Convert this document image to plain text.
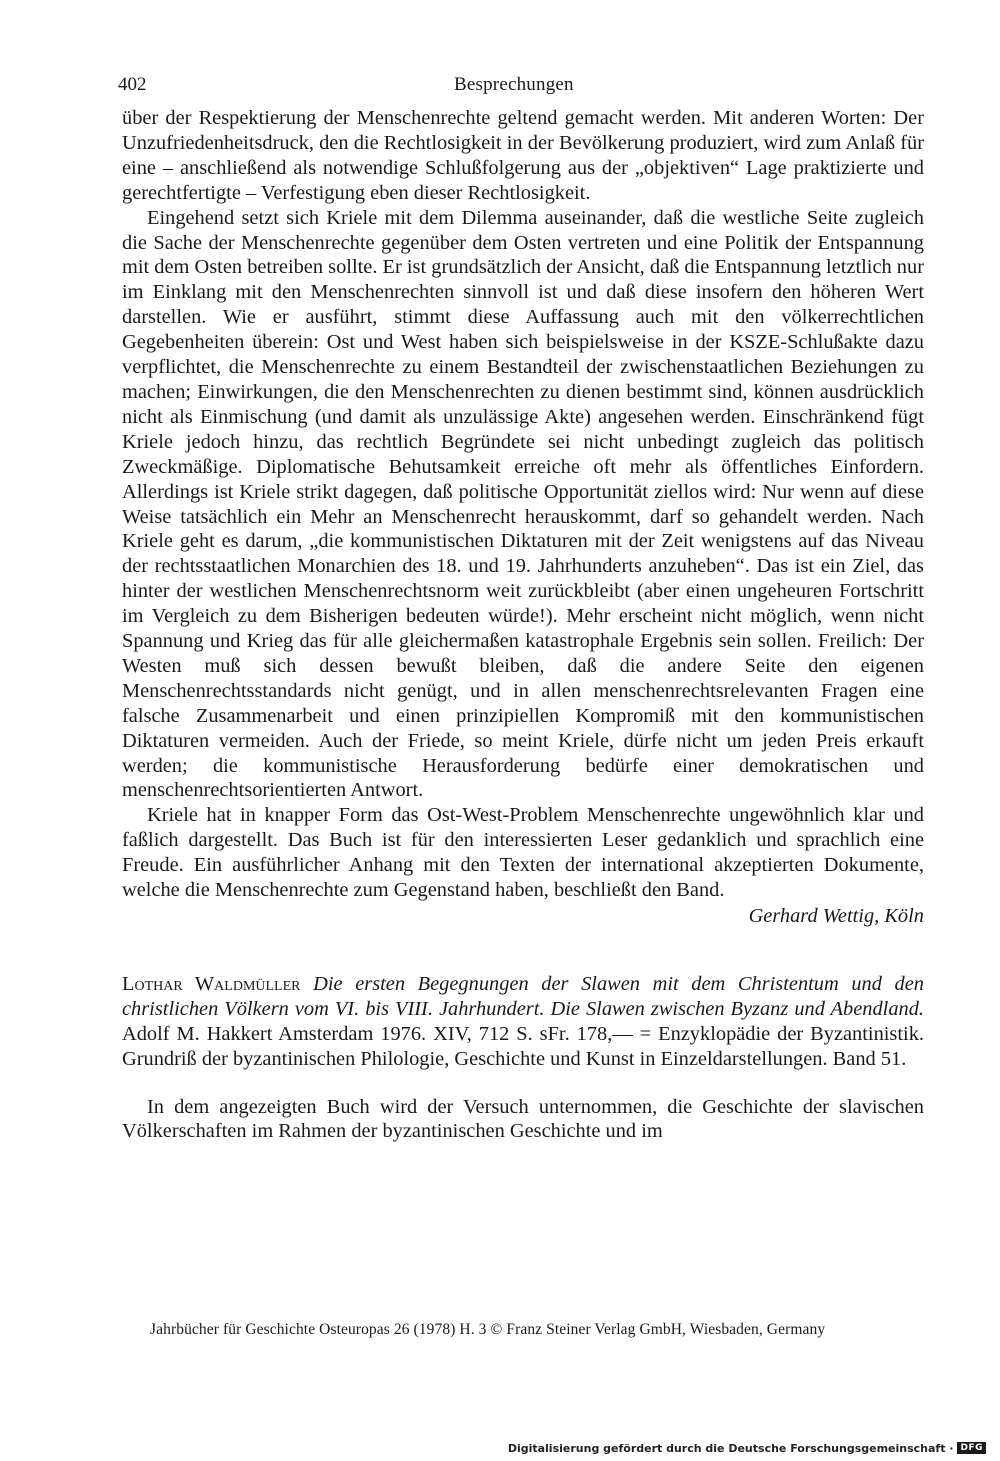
402	Besprechungen

über der Respektierung der Menschenrechte geltend gemacht werden. Mit anderen Worten: Der Unzufriedenheitsdruck, den die Rechtlosigkeit in der Bevölkerung produziert, wird zum Anlaß für eine – anschließend als notwendige Schlußfolgerung aus der „objektiven“ Lage praktizierte und gerechtfertigte – Verfestigung eben dieser Rechtlosigkeit.

Eingehend setzt sich Kriele mit dem Dilemma auseinander, daß die westliche Seite zugleich die Sache der Menschenrechte gegenüber dem Osten vertreten und eine Politik der Entspannung mit dem Osten betreiben sollte. Er ist grundsätzlich der Ansicht, daß die Entspannung letztlich nur im Einklang mit den Menschenrechten sinnvoll ist und daß diese insofern den höheren Wert darstellen. Wie er ausführt, stimmt diese Auffassung auch mit den völkerrechtlichen Gegebenheiten überein: Ost und West haben sich beispielsweise in der KSZE-Schlußakte dazu verpflichtet, die Menschenrechte zu einem Bestandteil der zwischenstaatlichen Beziehungen zu machen; Einwirkungen, die den Menschenrechten zu dienen bestimmt sind, können ausdrücklich nicht als Einmischung (und damit als unzulässige Akte) angesehen werden. Einschränkend fügt Kriele jedoch hinzu, das rechtlich Begründete sei nicht unbedingt zugleich das politisch Zweckmäßige. Diplomatische Behutsamkeit erreiche oft mehr als öffentliches Einfordern. Allerdings ist Kriele strikt dagegen, daß politische Opportunität ziellos wird: Nur wenn auf diese Weise tatsächlich ein Mehr an Menschenrecht herauskommt, darf so gehandelt werden. Nach Kriele geht es darum, „die kommunistischen Diktaturen mit der Zeit wenigstens auf das Niveau der rechtsstaatlichen Monarchien des 18. und 19. Jahrhunderts anzuheben“. Das ist ein Ziel, das hinter der westlichen Menschenrechtsnorm weit zurückbleibt (aber einen ungeheuren Fortschritt im Vergleich zu dem Bisherigen bedeuten würde!). Mehr erscheint nicht möglich, wenn nicht Spannung und Krieg das für alle gleichermaßen katastrophale Ergebnis sein sollen. Freilich: Der Westen muß sich dessen bewußt bleiben, daß die andere Seite den eigenen Menschenrechtsstandards nicht genügt, und in allen menschenrechtsrelevanten Fragen eine falsche Zusammenarbeit und einen prinzipiellen Kompromiß mit den kommunistischen Diktaturen vermeiden. Auch der Friede, so meint Kriele, dürfe nicht um jeden Preis erkauft werden; die kommunistische Herausforderung bedürfe einer demokratischen und menschenrechtsorientierten Antwort.

Kriele hat in knapper Form das Ost-West-Problem Menschenrechte ungewöhnlich klar und faßlich dargestellt. Das Buch ist für den interessierten Leser gedanklich und sprachlich eine Freude. Ein ausführlicher Anhang mit den Texten der international akzeptierten Dokumente, welche die Menschenrechte zum Gegenstand haben, beschließt den Band.

Gerhard Wettig, Köln

Lothar Waldmüller Die ersten Begegnungen der Slawen mit dem Christentum und den christlichen Völkern vom VI. bis VIII. Jahrhundert. Die Slawen zwischen Byzanz und Abendland. Adolf M. Hakkert Amsterdam 1976. XIV, 712 S. sFr. 178,— = Enzyklopädie der Byzantinistik. Grundriß der byzantinischen Philologie, Geschichte und Kunst in Einzeldarstellungen. Band 51.

In dem angezeigten Buch wird der Versuch unternommen, die Geschichte der slavischen Völkerschaften im Rahmen der byzantinischen Geschichte und im

Jahrbücher für Geschichte Osteuropas 26 (1978) H. 3 © Franz Steiner Verlag GmbH, Wiesbaden, Germany
Digitalisierung gefördert durch die Deutsche Forschungsgemeinschaft · DFG
